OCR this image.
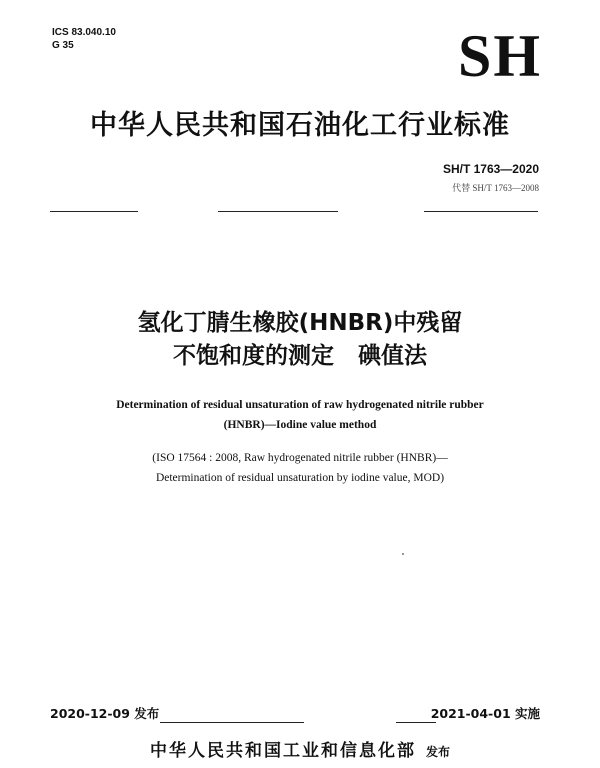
ICS 83.040.10
G 35	SH
中华人民共和国石油化工行业标准
SH/T 1763—2020
代替 SH/T 1763—2008
氢化丁腈生橡胶(HNBR)中残留
不饱和度的测定   碘值法
Determination of residual unsaturation of raw hydrogenated nitrile rubber
(HNBR)—Iodine value method
(ISO 17564 : 2008, Raw hydrogenated nitrile rubber (HNBR)—
Determination of residual unsaturation by iodine value, MOD)
2020-12-09 发布	2021-04-01 实施
中华人民共和国工业和信息化部 发布
